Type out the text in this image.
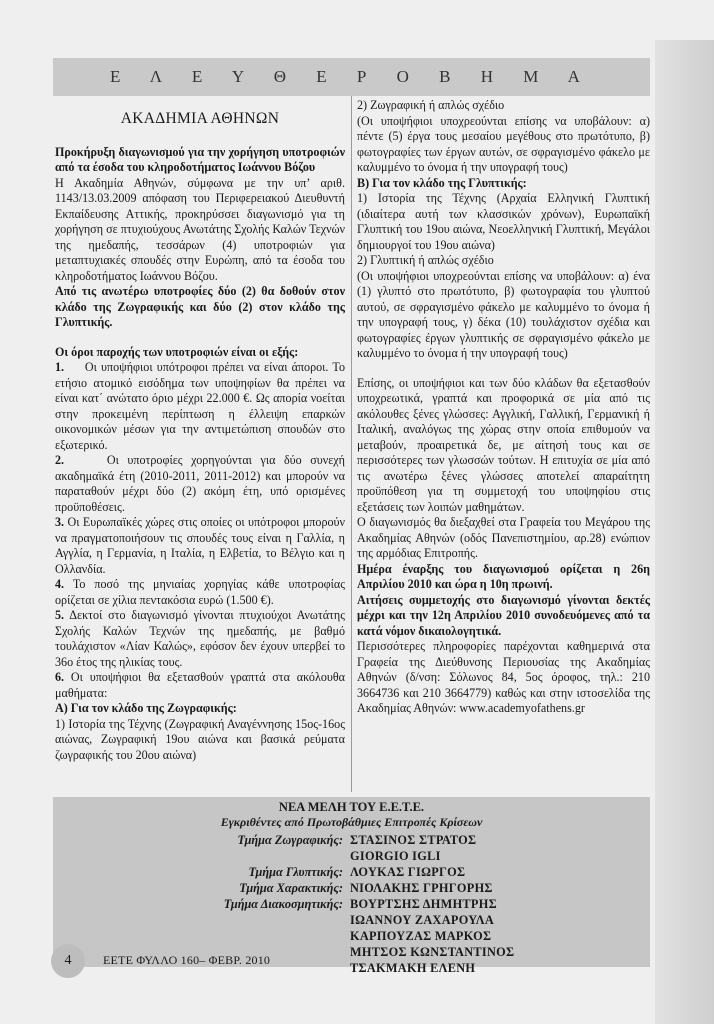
Ε Λ Ε Υ Θ Ε Ρ Ο Β Η Μ Α
ΑΚΑΔΗΜΙΑ ΑΘΗΝΩΝ

Προκήρυξη διαγωνισμού για την χορήγηση υποτροφιών από τα έσοδα του κληροδοτήματος Ιωάννου Βόζου

Η Ακαδημία Αθηνών, σύμφωνα με την υπ’ αριθ. 1143/13.03.2009 απόφαση του Περιφερειακού Διευθυντή Εκπαίδευσης Αττικής, προκηρύσσει διαγωνισμό για τη χορήγηση σε πτυχιούχους Ανωτάτης Σχολής Καλών Τεχνών της ημεδαπής, τεσσάρων (4) υποτροφιών για μεταπτυχιακές σπουδές στην Ευρώπη, από τα έσοδα του κληροδοτήματος Ιωάννου Βόζου.

Από τις ανωτέρω υποτροφίες δύο (2) θα δοθούν στον κλάδο της Ζωγραφικής και δύο (2) στον κλάδο της Γλυπτικής.

Οι όροι παροχής των υποτροφιών είναι οι εξής:

1. Οι υποψήφιοι υπότροφοι πρέπει να είναι άποροι. Το ετήσιο ατομικό εισόδημα των υποψηφίων θα πρέπει να είναι κατ΄ ανώτατο όριο μέχρι 22.000 €. Ως απορία νοείται στην προκειμένη περίπτωση η έλλειψη επαρκών οικονομικών μέσων για την αντιμετώπιση σπουδών στο εξωτερικό.

2.	Οι υποτροφίες χορηγούνται για δύο συνεχή ακαδημαϊκά έτη (2010-2011, 2011-2012) και μπορούν να παραταθούν μέχρι δύο (2) ακόμη έτη, υπό ορισμένες προϋποθέσεις.

3. Οι Ευρωπαϊκές χώρες στις οποίες οι υπότροφοι μπορούν να πραγματοποιήσουν τις σπουδές τους είναι η Γαλλία, η Αγγλία, η Γερμανία, η Ιταλία, η Ελβετία, το Βέλγιο και η Ολλανδία.

4. Το ποσό της μηνιαίας χορηγίας κάθε υποτροφίας ορίζεται σε χίλια πεντακόσια ευρώ (1.500 €).

5. Δεκτοί στο διαγωνισμό γίνονται πτυχιούχοι Ανωτάτης Σχολής Καλών Τεχνών της ημεδαπής, με βαθμό τουλάχιστον «Λίαν Καλώς», εφόσον δεν έχουν υπερβεί το 36ο έτος της ηλικίας τους.

6. Οι υποψήφιοι θα εξετασθούν γραπτά στα ακόλουθα μαθήματα:

Α) Για τον κλάδο της Ζωγραφικής:

1) Ιστορία της Τέχνης (Ζωγραφική Αναγέννησης 15ος-16ος αιώνας, Ζωγραφική 19ου αιώνα και βασικά ρεύματα ζωγραφικής του 20ου αιώνα)

2) Ζωγραφική ή απλώς σχέδιο

(Οι υποψήφιοι υποχρεούνται επίσης να υποβάλουν: α) πέντε (5) έργα τους μεσαίου μεγέθους στο πρωτότυπο, β) φωτογραφίες των έργων αυτών, σε σφραγισμένο φάκελο με καλυμμένο το όνομα ή την υπογραφή τους)

Β) Για τον κλάδο της Γλυπτικής:

1) Ιστορία της Τέχνης (Αρχαία Ελληνική Γλυπτική (ιδιαίτερα αυτή των κλασσικών χρόνων), Ευρωπαϊκή Γλυπτική του 19ου αιώνα, Νεοελληνική Γλυπτική, Μεγάλοι δημιουργοί του 19ου αιώνα)

2) Γλυπτική ή απλώς σχέδιο

(Οι υποψήφιοι υποχρεούνται επίσης να υποβάλουν: α) ένα (1) γλυπτό στο πρωτότυπο, β) φωτογραφία του γλυπτού αυτού, σε σφραγισμένο φάκελο με καλυμμένο το όνομα ή την υπογραφή τους, γ) δέκα (10) τουλάχιστον σχέδια και φωτογραφίες έργων γλυπτικής σε σφραγισμένο φάκελο με καλυμμένο το όνομα ή την υπογραφή τους)

Επίσης, οι υποψήφιοι και των δύο κλάδων θα εξετασθούν υποχρεωτικά, γραπτά και προφορικά σε μία από τις ακόλουθες ξένες γλώσσες: Αγγλική, Γαλλική, Γερμανική ή Ιταλική, αναλόγως της χώρας στην οποία επιθυμούν να μεταβούν, προαιρετικά δε, με αίτησή τους και σε περισσότερες των γλωσσών τούτων. Η επιτυχία σε μία από τις ανωτέρω ξένες γλώσσες αποτελεί απαραίτητη προϋπόθεση για τη συμμετοχή του υποψηφίου στις εξετάσεις των λοιπών μαθημάτων.

Ο διαγωνισμός θα διεξαχθεί στα Γραφεία του Μεγάρου της Ακαδημίας Αθηνών (οδός Πανεπιστημίου, αρ.28) ενώπιον της αρμόδιας Επιτροπής.

Ημέρα έναρξης του διαγωνισμού ορίζεται η 26η Απριλίου 2010 και ώρα η 10η πρωινή.

Αιτήσεις συμμετοχής στο διαγωνισμό γίνονται δεκτές μέχρι και την 12η Απριλίου 2010 συνοδευόμενες από τα κατά νόμον δικαιολογητικά.

Περισσότερες πληροφορίες παρέχονται καθημερινά στα Γραφεία της Διεύθυνσης Περιουσίας της Ακαδημίας Αθηνών (δ/νση: Σόλωνος 84, 5ος όροφος, τηλ.: 210 3664736 και 210 3664779) καθώς και στην ιστοσελίδα της Ακαδημίας Αθηνών: www.academyofathens.gr

ΝΕΑ ΜΕΛΗ ΤΟΥ Ε.Ε.Τ.Ε.
Εγκριθέντες από Πρωτοβάθμιες Επιτροπές Κρίσεων
Τμήμα Ζωγραφικής: ΣΤΑΣΙΝΟΣ ΣΤΡΑΤΟΣ
GIORGIO IGLI
Τμήμα Γλυπτικής: ΛΟΥΚΑΣ ΓΙΩΡΓΟΣ
Τμήμα Χαρακτικής: ΝΙΟΛΑΚΗΣ ΓΡΗΓΟΡΗΣ
Τμήμα Διακοσμητικής: ΒΟΥΡΤΣΗΣ ΔΗΜΗΤΡΗΣ
ΙΩΑΝΝΟΥ ΖΑΧΑΡΟΥΛΑ
ΚΑΡΠΟΥΖΑΣ ΜΑΡΚΟΣ
ΜΗΤΣΟΣ ΚΩΝΣΤΑΝΤΙΝΟΣ
ΤΣΑΚΜΑΚΗ ΕΛΕΝΗ
4	ΕΕΤΕ ΦΥΛΛΟ 160– ΦΕΒΡ. 2010
